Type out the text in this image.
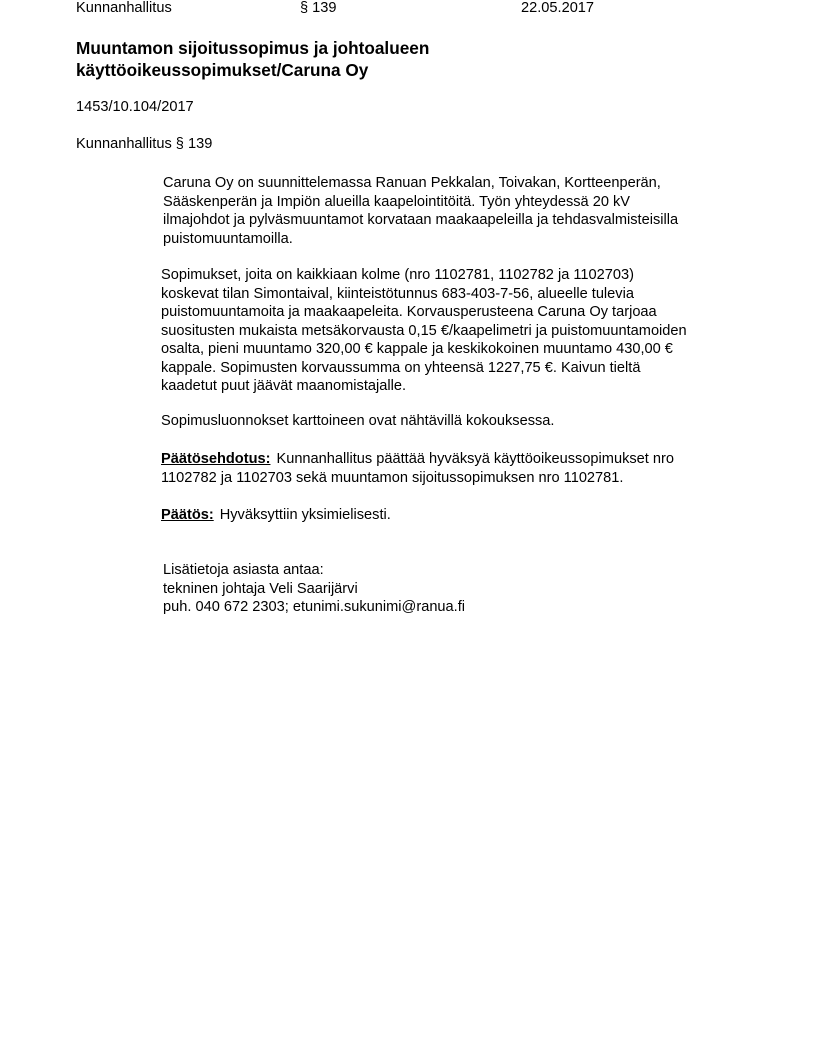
Kunnanhallitus	§ 139	22.05.2017
Muuntamon sijoitussopimus ja johtoalueen
käyttöoikeussopimukset/Caruna Oy
1453/10.104/2017
Kunnanhallitus § 139
Caruna Oy on suunnittelemassa Ranuan Pekkalan, Toivakan, Kortteenperän,
Sääskenperän ja Impiön alueilla kaapelointitöitä. Työn yhteydessä 20 kV
ilmajohdot ja pylväsmuuntamot korvataan maakaapeleilla ja tehdasvalmisteisilla
puistomuuntamoilla.
Sopimukset, joita on kaikkiaan kolme (nro 1102781, 1102782 ja 1102703)
koskevat tilan Simontaival, kiinteistötunnus 683-403-7-56, alueelle tulevia
puistomuuntamoita ja maakaapeleita. Korvausperusteena Caruna Oy tarjoaa
suositusten mukaista metsäkorvausta 0,15 €/kaapelimetri ja puistomuuntamoiden
osalta, pieni muuntamo 320,00 € kappale ja keskikokoinen muuntamo 430,00 €
kappale. Sopimusten korvaussumma on yhteensä 1227,75 €. Kaivun tieltä
kaadetut puut jäävät maanomistajalle.
Sopimusluonnokset karttoineen ovat nähtävillä kokouksessa.
Päätösehdotus: Kunnanhallitus päättää hyväksyä käyttöoikeussopimukset nro
1102782 ja 1102703 sekä muuntamon sijoitussopimuksen nro 1102781.
Päätös: Hyväksyttiin yksimielisesti.
Lisätietoja asiasta antaa:
tekninen johtaja Veli Saarijärvi
puh. 040 672 2303; etunimi.sukunimi@ranua.fi
